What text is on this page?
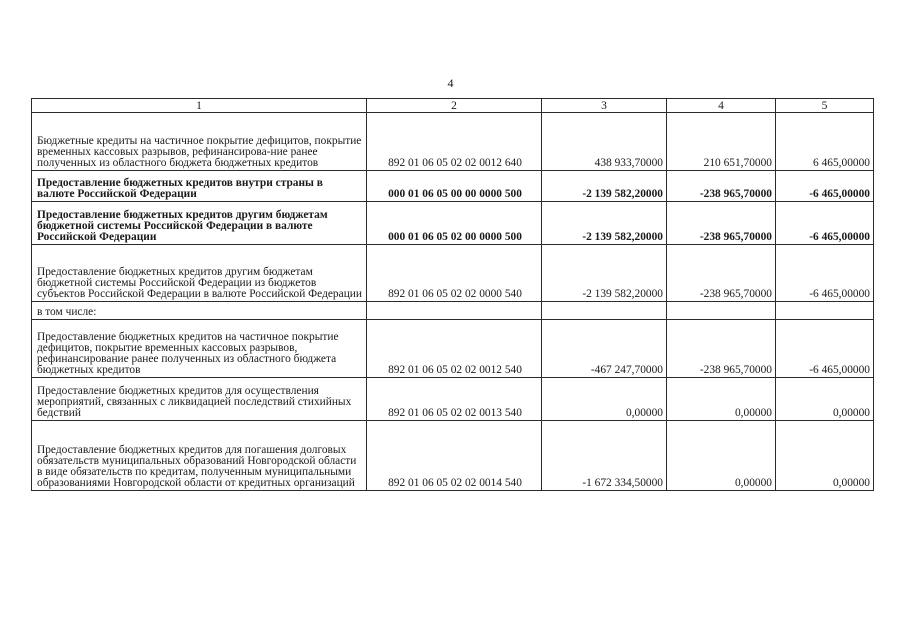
4
1	2	3	4	5
Бюджетные кредиты на частичное покрытие дефицитов, покрытие временных кассовых разрывов, рефинансирова-ние ранее полученных из областного бюджета бюджетных кредитов	892 01 06 05 02 02 0012 640	438 933,70000	210 651,70000	6 465,00000
Предоставление бюджетных кредитов внутри страны в валюте Российской Федерации	000 01 06 05 00 00 0000 500	-2 139 582,20000	-238 965,70000	-6 465,00000
Предоставление бюджетных кредитов другим бюджетам бюджетной системы Российской Федерации в валюте Российской Федерации	000 01 06 05 02 00 0000 500	-2 139 582,20000	-238 965,70000	-6 465,00000
Предоставление бюджетных кредитов другим бюджетам бюджетной системы Российской Федерации из бюджетов субъектов Российской Федерации в валюте Российской Федерации	892 01 06 05 02 02 0000 540	-2 139 582,20000	-238 965,70000	-6 465,00000
в том числе:				
Предоставление бюджетных кредитов на частичное покрытие дефицитов, покрытие временных кассовых разрывов, рефинансирование ранее полученных из областного бюджета бюджетных кредитов	892 01 06 05 02 02 0012 540	-467 247,70000	-238 965,70000	-6 465,00000
Предоставление бюджетных кредитов для осуществления мероприятий, связанных с ликвидацией последствий стихийных бедствий	892 01 06 05 02 02 0013 540	0,00000	0,00000	0,00000
Предоставление бюджетных кредитов для погашения долговых обязательств муниципальных образований Новгородской области в виде обязательств по кредитам, полученным муниципальными образованиями Новгородской области от кредитных организаций	892 01 06 05 02 02 0014 540	-1 672 334,50000	0,00000	0,00000
